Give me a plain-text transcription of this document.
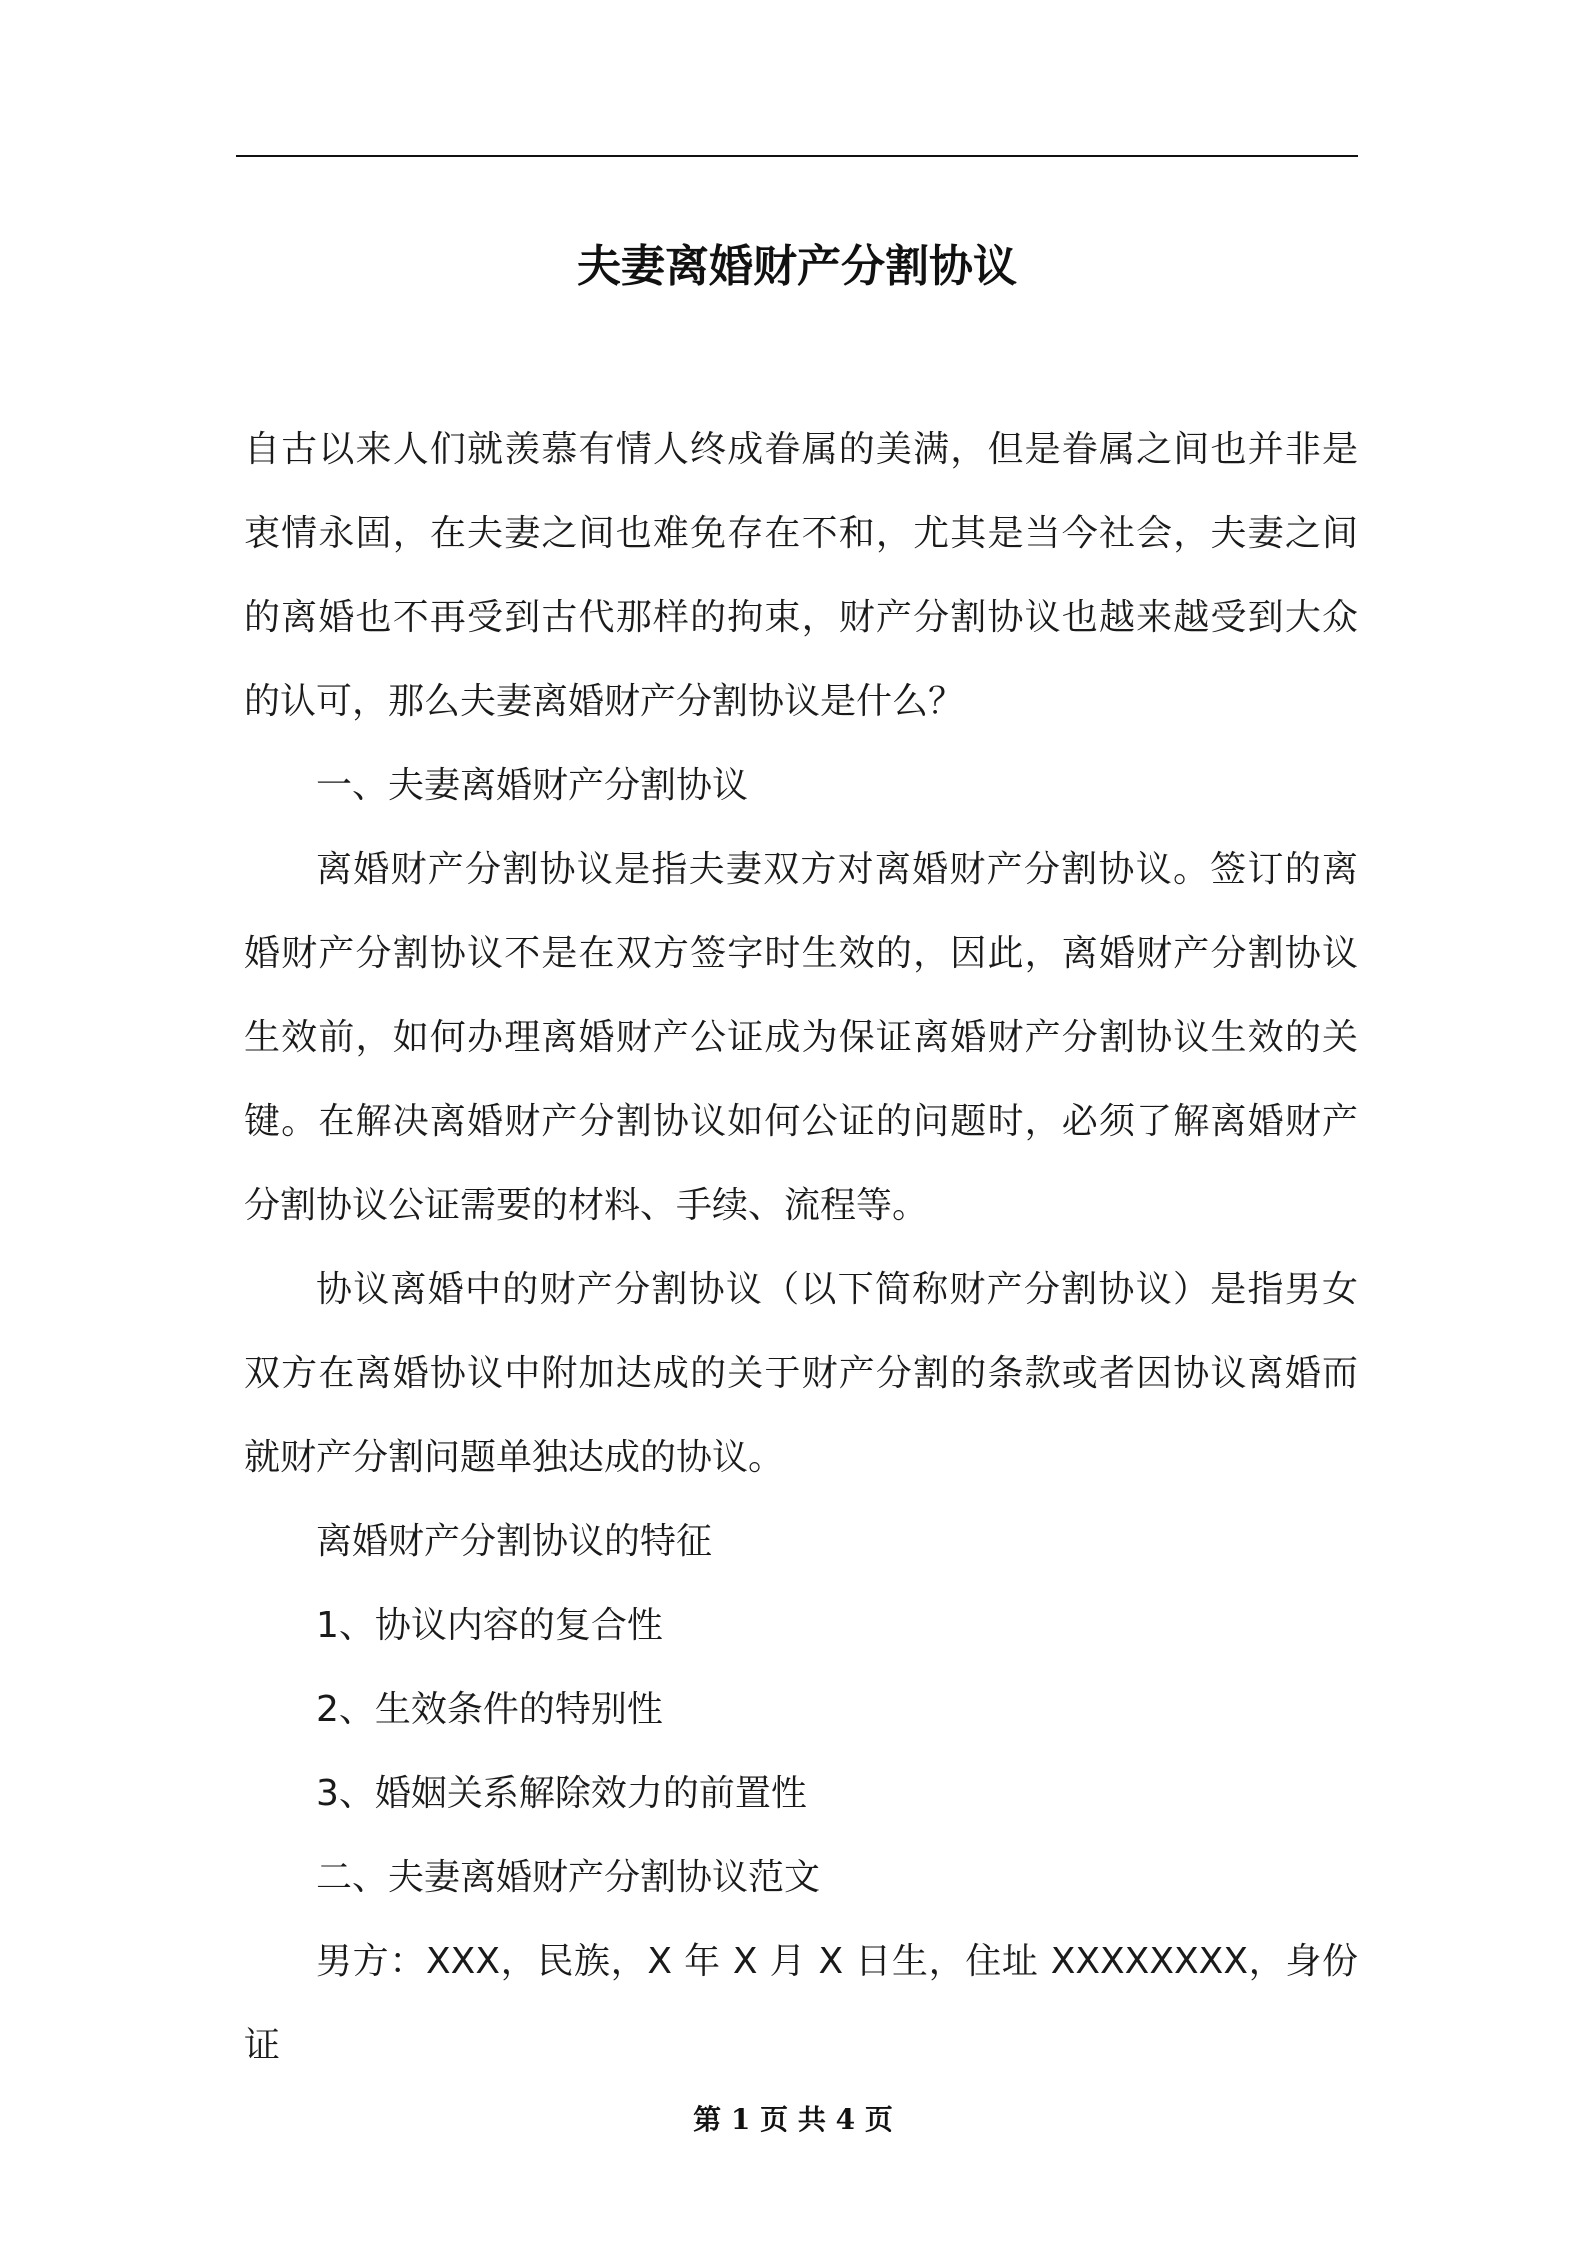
夫妻离婚财产分割协议

自古以来人们就羡慕有情人终成眷属的美满，但是眷属之间也并非是衷情永固，在夫妻之间也难免存在不和，尤其是当今社会，夫妻之间的离婚也不再受到古代那样的拘束，财产分割协议也越来越受到大众的认可，那么夫妻离婚财产分割协议是什么？

一、夫妻离婚财产分割协议

离婚财产分割协议是指夫妻双方对离婚财产分割协议。签订的离婚财产分割协议不是在双方签字时生效的，因此，离婚财产分割协议生效前，如何办理离婚财产公证成为保证离婚财产分割协议生效的关键。在解决离婚财产分割协议如何公证的问题时，必须了解离婚财产分割协议公证需要的材料、手续、流程等。

协议离婚中的财产分割协议（以下简称财产分割协议）是指男女双方在离婚协议中附加达成的关于财产分割的条款或者因协议离婚而就财产分割问题单独达成的协议。

离婚财产分割协议的特征

1、协议内容的复合性

2、生效条件的特别性

3、婚姻关系解除效力的前置性

二、夫妻离婚财产分割协议范文

男方：XXX，民族，X 年 X 月 X 日生，住址 XXXXXXXX，身份证

第 1 页 共 4 页
